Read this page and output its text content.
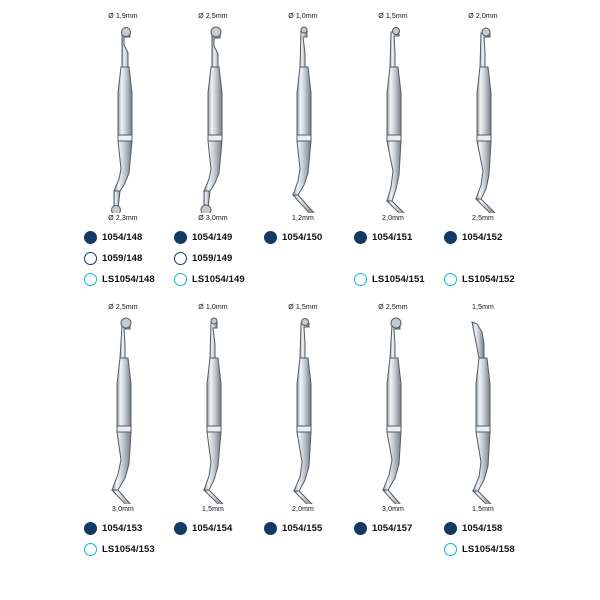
Ø 1,9mm
Ø 2,3mm
1054/148
1059/148
LS1054/148
Ø 2,5mm
Ø 3,0mm
1054/149
1059/149
LS1054/149
Ø 1,0mm
1,2mm
1054/150
Ø 1,5mm
2,0mm
1054/151
LS1054/151
Ø 2,0mm
2,5mm
1054/152
LS1054/152
Ø 2,5mm
3,0mm
1054/153
LS1054/153
Ø 1,0mm
1,5mm
1054/154
Ø 1,5mm
2,0mm
1054/155
Ø 2,5mm
3,0mm
1054/157
1,5mm
1,5mm
1054/158
LS1054/158
